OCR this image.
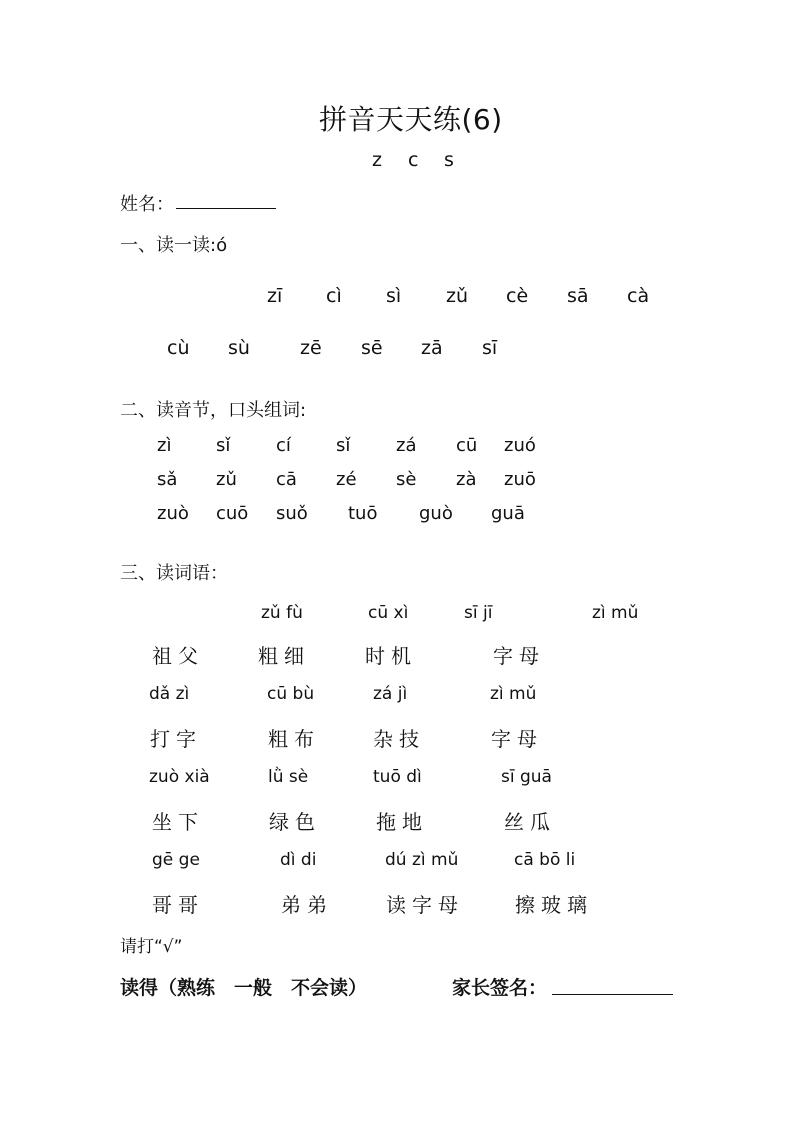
拼音天天练(6)
z c s
姓名：
一、读一读:ó
zī cì sì zǔ cè sā cà
cù sù	zē sē zā sī
二、读音节，口头组词:
zì sǐ	cí	sǐ	zá cū zuó
sǎ zǔ cā zé sè zà zuō
zuò cuō suǒ tuō guò guā
三、读词语：
zǔ fù	cū xì	sī jī	zì mǔ
祖父	粗细	时机	字母
dǎ zì	cū bù	zá jì	zì mǔ
打字	粗布	杂技	字母
zuò xià	lǜ sè	tuō dì	sī guā
坐下	绿色	拖地	丝瓜
gē ge	dì di	dú zì mǔ	cā bō li
哥哥	弟弟	读字母	擦玻璃
请打“√”
读得（熟练　一般　不会读）	家长签名：
